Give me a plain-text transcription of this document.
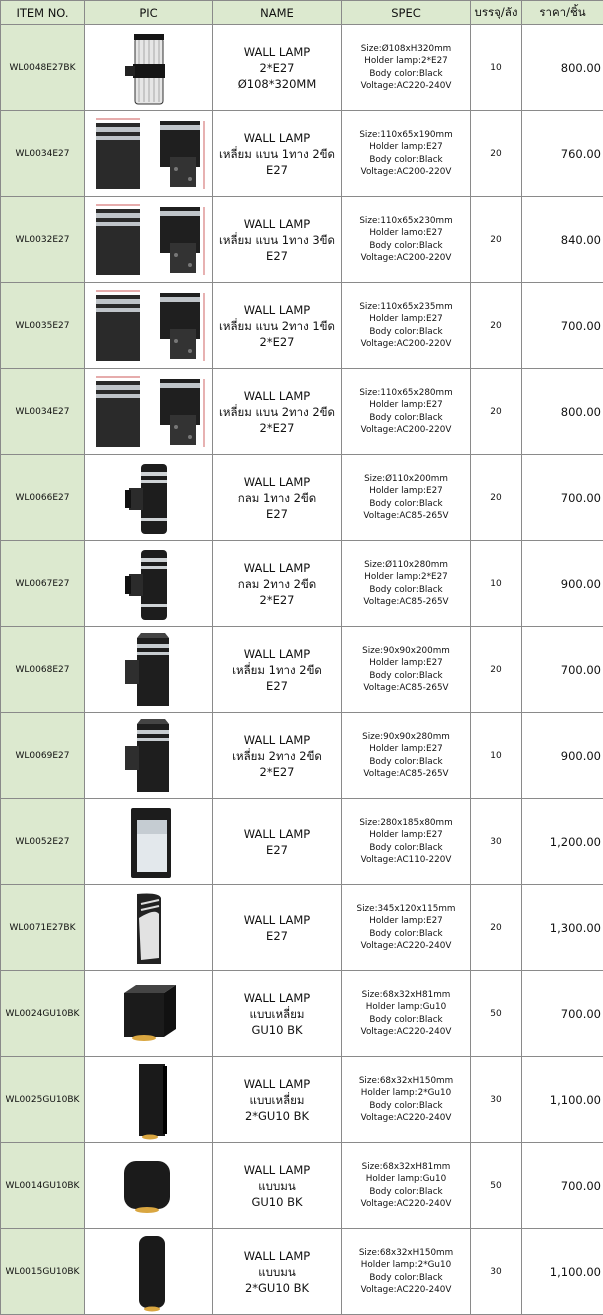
ITEM NO.	PIC	NAME	SPEC	บรรจุ/ลัง	ราคา/ชิ้น
WL0048E27BK		WALL LAMP
2*E27
Ø108*320MM	Size:Ø108xH320mm
Holder lamp:2*E27
Body color:Black
Voltage:AC220-240V	10	800.00
WL0034E27		WALL LAMP
เหลี่ยม แบน 1ทาง 2ขีด
E27	Size:110x65x190mm
Holder lamp:E27
Body color:Black
Voltage:AC200-220V	20	760.00
WL0032E27		WALL LAMP
เหลี่ยม แบน 1ทาง 3ขีด
E27	Size:110x65x230mm
Holder lamo:E27
Body color:Black
Voltage:AC200-220V	20	840.00
WL0035E27		WALL LAMP
เหลี่ยม แบน 2ทาง 1ขีด
2*E27	Size:110x65x235mm
Holder lamp:E27
Body color:Black
Voltage:AC200-220V	20	700.00
WL0034E27		WALL LAMP
เหลี่ยม แบน 2ทาง 2ขีด
2*E27	Size:110x65x280mm
Holder lamp:E27
Body color:Black
Voltage:AC200-220V	20	800.00
WL0066E27		WALL LAMP
กลม 1ทาง 2ขีด
E27	Size:Ø110x200mm
Holder lamp:E27
Body color:Black
Voltage:AC85-265V	20	700.00
WL0067E27		WALL LAMP
กลม 2ทาง 2ขีด
2*E27	Size:Ø110x280mm
Holder lamp:2*E27
Body color:Black
Voltage:AC85-265V	10	900.00
WL0068E27		WALL LAMP
เหลี่ยม 1ทาง 2ขีด
E27	Size:90x90x200mm
Holder lamp:E27
Body color:Black
Voltage:AC85-265V	20	700.00
WL0069E27		WALL LAMP
เหลี่ยม 2ทาง 2ขีด
2*E27	Size:90x90x280mm
Holder lamp:E27
Body color:Black
Voltage:AC85-265V	10	900.00
WL0052E27		WALL LAMP
E27	Size:280x185x80mm
Holder lamp:E27
Body color:Black
Voltage:AC110-220V	30	1,200.00
WL0071E27BK		WALL LAMP
E27	Size:345x120x115mm
Holder lamp:E27
Body color:Black
Voltage:AC220-240V	20	1,300.00
WL0024GU10BK		WALL LAMP
แบบเหลี่ยม
GU10 BK	Size:68x32xH81mm
Holder lamp:Gu10
Body color:Black
Voltage:AC220-240V	50	700.00
WL0025GU10BK		WALL LAMP
แบบเหลี่ยม
2*GU10 BK	Size:68x32xH150mm
Holder lamp:2*Gu10
Body color:Black
Voltage:AC220-240V	30	1,100.00
WL0014GU10BK		WALL LAMP
แบบมน
GU10 BK	Size:68x32xH81mm
Holder lamp:Gu10
Body color:Black
Voltage:AC220-240V	50	700.00
WL0015GU10BK		WALL LAMP
แบบมน
2*GU10 BK	Size:68x32xH150mm
Holder lamp:2*Gu10
Body color:Black
Voltage:AC220-240V	30	1,100.00
